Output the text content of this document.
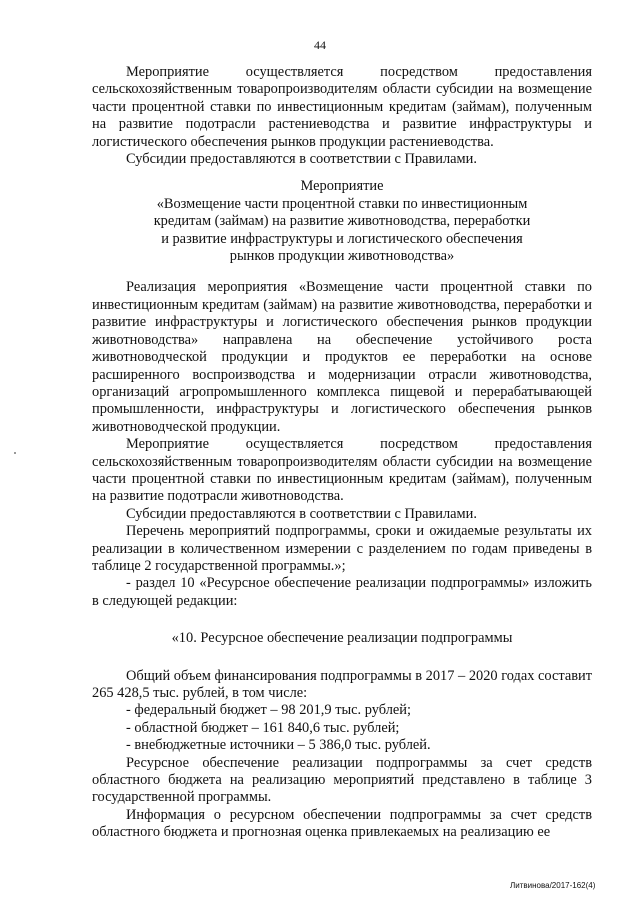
44

Мероприятие осуществляется посредством предоставления сельскохозяйственным товаропроизводителям области субсидии на возмещение части процентной ставки по инвестиционным кредитам (займам), полученным на развитие подотрасли растениеводства и развитие инфраструктуры и логистического обеспечения рынков продукции растениеводства.

Субсидии предоставляются в соответствии с Правилами.

Мероприятие

«Возмещение части процентной ставки по инвестиционным

кредитам (займам) на развитие животноводства, переработки

и развитие инфраструктуры и логистического обеспечения

рынков продукции животноводства»

Реализация мероприятия «Возмещение части процентной ставки по инвестиционным кредитам (займам) на развитие животноводства, переработки и развитие инфраструктуры и логистического обеспечения рынков продукции животноводства» направлена на обеспечение устойчивого роста животноводческой продукции и продуктов ее переработки на основе расширенного воспроизводства и модернизации отрасли животноводства, организаций агропромышленного комплекса пищевой и перерабатывающей промышленности, инфраструктуры и логистического обеспечения рынков животноводческой продукции.

Мероприятие осуществляется посредством предоставления сельскохозяйственным товаропроизводителям области субсидии на возмещение части процентной ставки по инвестиционным кредитам (займам), полученным на развитие подотрасли животноводства.

Субсидии предоставляются в соответствии с Правилами.

Перечень мероприятий подпрограммы, сроки и ожидаемые результаты их реализации в количественном измерении с разделением по годам приведены в таблице 2 государственной программы.»;

- раздел 10 «Ресурсное обеспечение реализации подпрограммы» изложить в следующей редакции:

«10. Ресурсное обеспечение реализации подпрограммы

Общий объем финансирования подпрограммы в 2017 – 2020 годах составит 265 428,5 тыс. рублей, в том числе:

- федеральный бюджет – 98 201,9 тыс. рублей;

- областной бюджет – 161 840,6 тыс. рублей;

- внебюджетные источники – 5 386,0 тыс. рублей.

Ресурсное обеспечение реализации подпрограммы за счет средств областного бюджета на реализацию мероприятий представлено в таблице 3 государственной программы.

Информация о ресурсном обеспечении подпрограммы за счет средств областного бюджета и прогнозная оценка привлекаемых на реализацию ее

Литвинова/2017-162(4)
